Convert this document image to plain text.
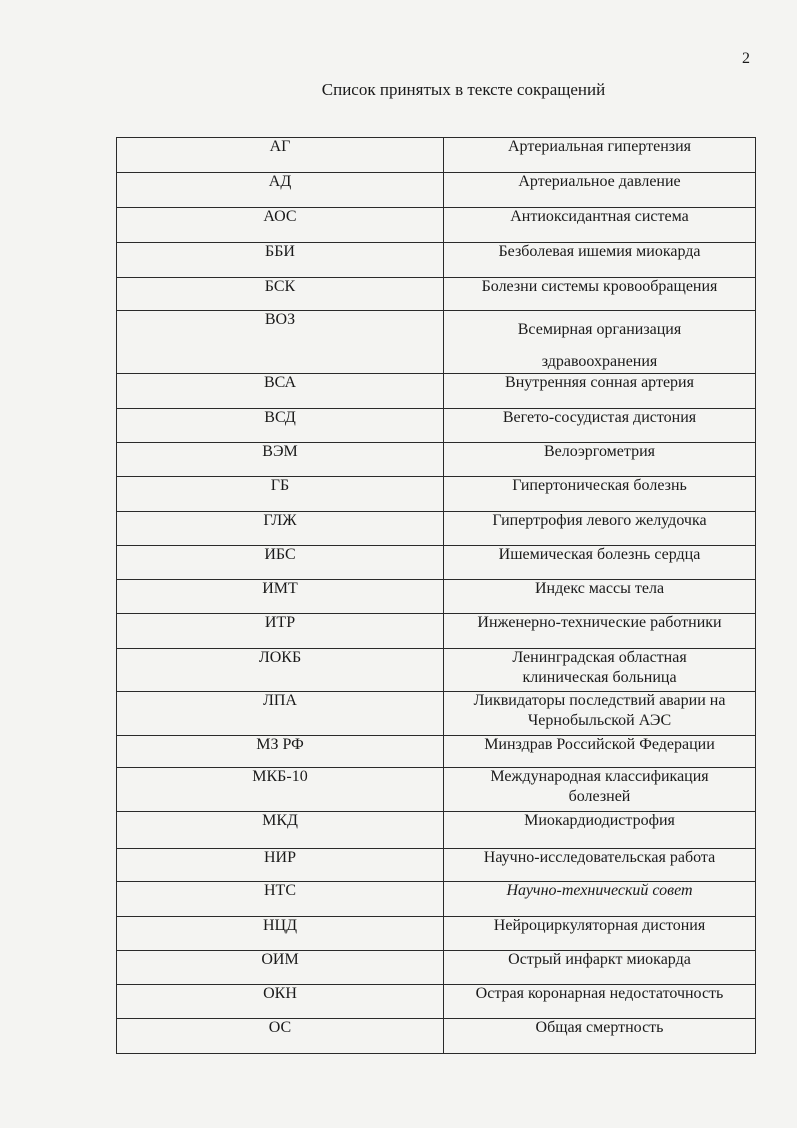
2
Список принятых в тексте сокращений
АГ	Артериальная гипертензия
АД	Артериальное давление
АОС	Антиоксидантная система
ББИ	Безболевая ишемия миокарда
БСК	Болезни системы кровообращения
ВОЗ	Всемирная организация
здравоохранения

ВСА	Внутренняя сонная артерия
ВСД	Вегето-сосудистая дистония
ВЭМ	Велоэргометрия
ГБ	Гипертоническая болезнь
ГЛЖ	Гипертрофия левого желудочка
ИБС	Ишемическая болезнь сердца
ИМТ	Индекс массы тела
ИТР	Инженерно-технические работники
ЛОКБ	Ленинградская областная
клиническая больница

ЛПА	Ликвидаторы последствий аварии на
Чернобыльской АЭС

МЗ РФ	Минздрав Российской Федерации
МКБ-10	Международная классификация
болезней

МКД	Миокардиодистрофия
НИР	Научно-исследовательская работа
НТС	Научно-технический совет
НЦД	Нейроциркуляторная дистония
ОИМ	Острый инфаркт миокарда
ОКН	Острая коронарная недостаточность
ОС	Общая смертность
